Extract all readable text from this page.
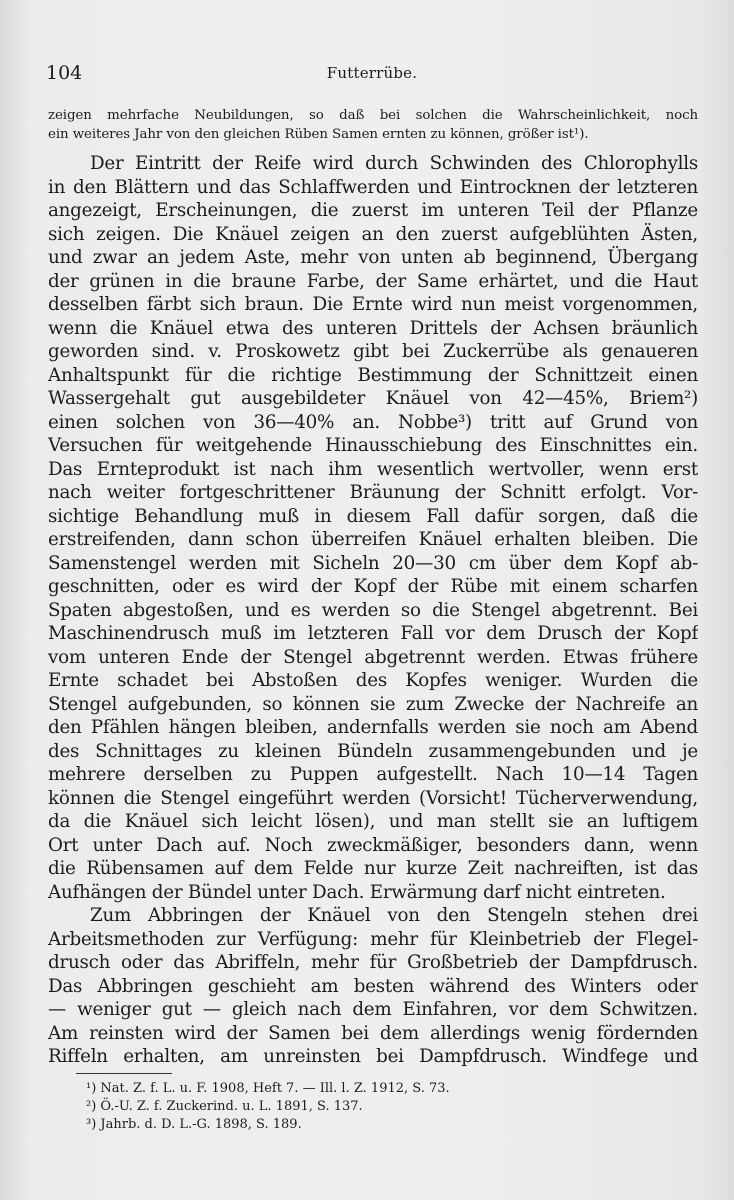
104	Futterrübe.
zeigen mehrfache Neubildungen, so daß bei solchen die Wahrscheinlichkeit, noch
ein weiteres Jahr von den gleichen Rüben Samen ernten zu können, größer ist¹).
Der Eintritt der Reife wird durch Schwinden des Chlorophylls
in den Blättern und das Schlaffwerden und Eintrocknen der letzteren
angezeigt, Erscheinungen, die zuerst im unteren Teil der Pflanze
sich zeigen. Die Knäuel zeigen an den zuerst aufgeblühten Ästen,
und zwar an jedem Aste, mehr von unten ab beginnend, Übergang
der grünen in die braune Farbe, der Same erhärtet, und die Haut
desselben färbt sich braun. Die Ernte wird nun meist vorgenommen,
wenn die Knäuel etwa des unteren Drittels der Achsen bräunlich
geworden sind. v. Proskowetz gibt bei Zuckerrübe als genaueren
Anhaltspunkt für die richtige Bestimmung der Schnittzeit einen
Wassergehalt gut ausgebildeter Knäuel von 42—45%, Briem²)
einen solchen von 36—40% an. Nobbe³) tritt auf Grund von
Versuchen für weitgehende Hinausschiebung des Einschnittes ein.
Das Ernteprodukt ist nach ihm wesentlich wertvoller, wenn erst
nach weiter fortgeschrittener Bräunung der Schnitt erfolgt. Vor-
sichtige Behandlung muß in diesem Fall dafür sorgen, daß die
erstreifenden, dann schon überreifen Knäuel erhalten bleiben. Die
Samenstengel werden mit Sicheln 20—30 cm über dem Kopf ab-
geschnitten, oder es wird der Kopf der Rübe mit einem scharfen
Spaten abgestoßen, und es werden so die Stengel abgetrennt. Bei
Maschinendrusch muß im letzteren Fall vor dem Drusch der Kopf
vom unteren Ende der Stengel abgetrennt werden. Etwas frühere
Ernte schadet bei Abstoßen des Kopfes weniger. Wurden die
Stengel aufgebunden, so können sie zum Zwecke der Nachreife an
den Pfählen hängen bleiben, andernfalls werden sie noch am Abend
des Schnittages zu kleinen Bündeln zusammengebunden und je
mehrere derselben zu Puppen aufgestellt. Nach 10—14 Tagen
können die Stengel eingeführt werden (Vorsicht! Tücherverwendung,
da die Knäuel sich leicht lösen), und man stellt sie an luftigem
Ort unter Dach auf. Noch zweckmäßiger, besonders dann, wenn
die Rübensamen auf dem Felde nur kurze Zeit nachreiften, ist das
Aufhängen der Bündel unter Dach. Erwärmung darf nicht eintreten.
Zum Abbringen der Knäuel von den Stengeln stehen drei
Arbeitsmethoden zur Verfügung: mehr für Kleinbetrieb der Flegel-
drusch oder das Abriffeln, mehr für Großbetrieb der Dampfdrusch.
Das Abbringen geschieht am besten während des Winters oder
— weniger gut — gleich nach dem Einfahren, vor dem Schwitzen.
Am reinsten wird der Samen bei dem allerdings wenig fördernden
Riffeln erhalten, am unreinsten bei Dampfdrusch. Windfege und
¹) Nat. Z. f. L. u. F. 1908, Heft 7. — Ill. l. Z. 1912, S. 73.
²) Ö.-U. Z. f. Zuckerind. u. L. 1891, S. 137.
³) Jahrb. d. D. L.-G. 1898, S. 189.
